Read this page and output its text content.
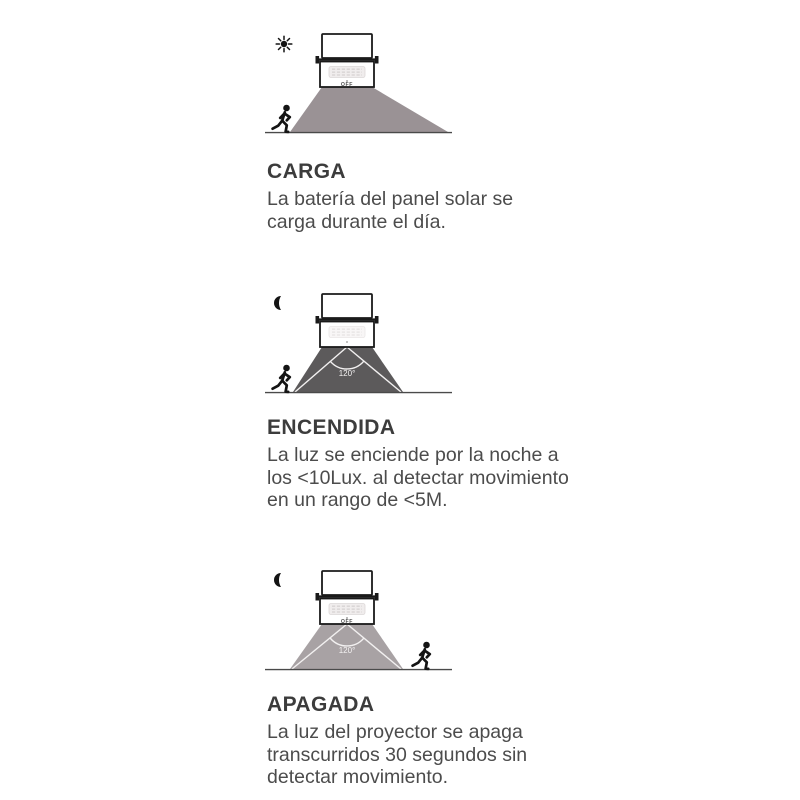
OFF
120°
120°
OFF
CARGA
La batería del panel solar se
carga durante el día.
ENCENDIDA
La luz se enciende por la noche a
los <10Lux. al detectar movimiento
en un rango de <5M.
APAGADA
La luz del proyector se apaga
transcurridos 30 segundos sin
detectar movimiento.
